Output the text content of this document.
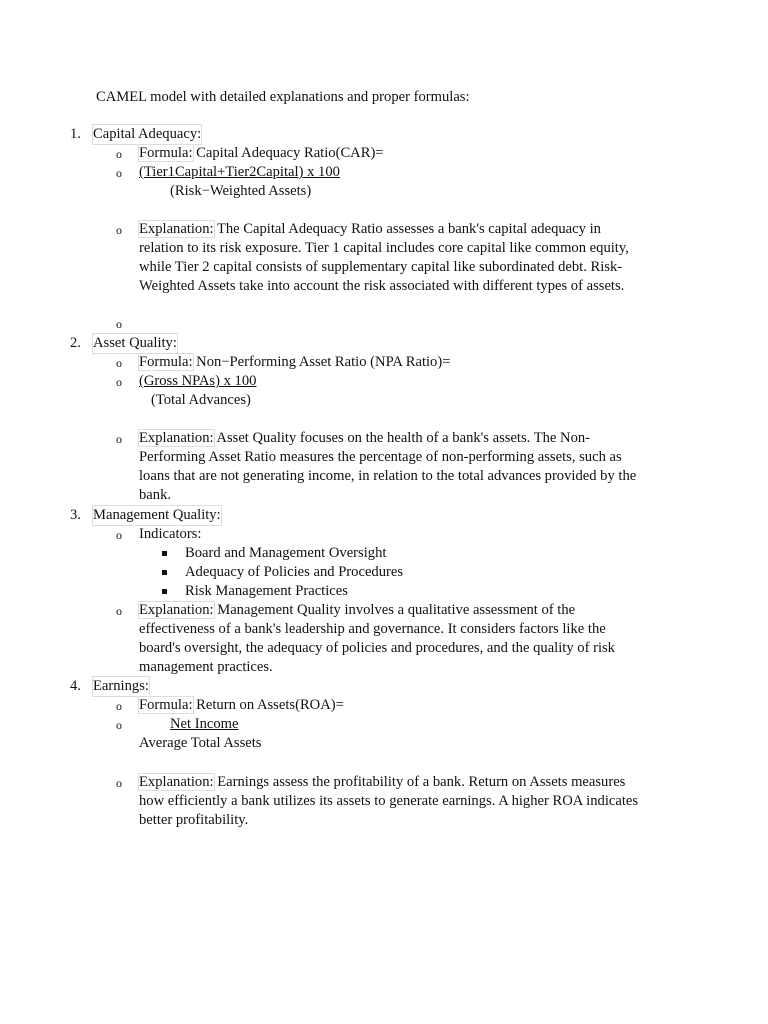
CAMEL model with detailed explanations and proper formulas:
1. Capital Adequacy:
o Formula: Capital Adequacy Ratio(CAR)=
o (Tier1Capital+Tier2Capital) x 100
(Risk−Weighted Assets)
o Explanation: The Capital Adequacy Ratio assesses a bank's capital adequacy in
relation to its risk exposure. Tier 1 capital includes core capital like common equity,
while Tier 2 capital consists of supplementary capital like subordinated debt. Risk-
Weighted Assets take into account the risk associated with different types of assets.
o
2. Asset Quality:
o Formula: Non−Performing Asset Ratio (NPA Ratio)=
o (Gross NPAs) x 100
(Total Advances)
o Explanation: Asset Quality focuses on the health of a bank's assets. The Non-
Performing Asset Ratio measures the percentage of non-performing assets, such as
loans that are not generating income, in relation to the total advances provided by the
bank.
3. Management Quality:
o Indicators:
Board and Management Oversight
Adequacy of Policies and Procedures
Risk Management Practices
o Explanation: Management Quality involves a qualitative assessment of the
effectiveness of a bank's leadership and governance. It considers factors like the
board's oversight, the adequacy of policies and procedures, and the quality of risk
management practices.
4. Earnings:
o Formula: Return on Assets(ROA)=
o	Net Income
Average Total Assets
o Explanation: Earnings assess the profitability of a bank. Return on Assets measures
how efficiently a bank utilizes its assets to generate earnings. A higher ROA indicates
better profitability.
